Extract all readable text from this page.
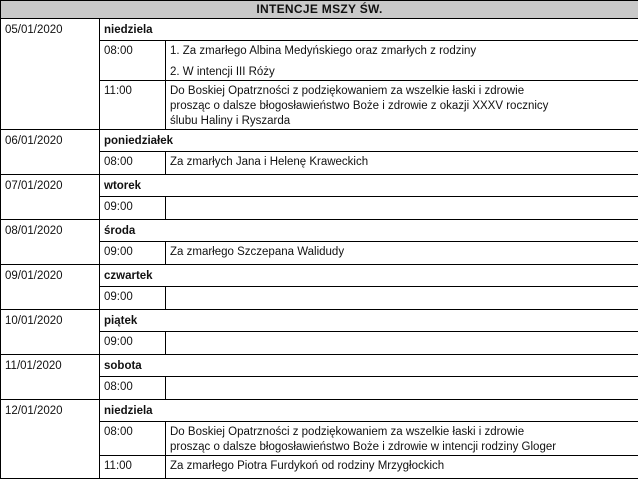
INTENCJE MSZY ŚW.		
05/01/2020	niedziela	
	08:00	1. Za zmarłego Albina Medyńskiego oraz zmarłych z rodziny
2. W intencji III Róży

	11:00	Do Boskiej Opatrzności z podziękowaniem za wszelkie łaski i zdrowie
prosząc o dalsze błogosławieństwo Boże i zdrowie z okazji XXXV rocznicy
ślubu Haliny i Ryszarda

06/01/2020	poniedziałek	
	08:00	Za zmarłych Jana i Helenę Kraweckich

07/01/2020	wtorek	
	09:00	
08/01/2020	środa	
	09:00	Za zmarłego Szczepana Walidudy

09/01/2020	czwartek	
	09:00	
10/01/2020	piątek	
	09:00	
11/01/2020	sobota	
	08:00	
12/01/2020	niedziela	
	08:00	Do Boskiej Opatrzności z podziękowaniem za wszelkie łaski i zdrowie
prosząc o dalsze błogosławieństwo Boże i zdrowie w intencji rodziny Gloger

	11:00	Za zmarłego Piotra Furdykoń od rodziny Mrzygłockich
